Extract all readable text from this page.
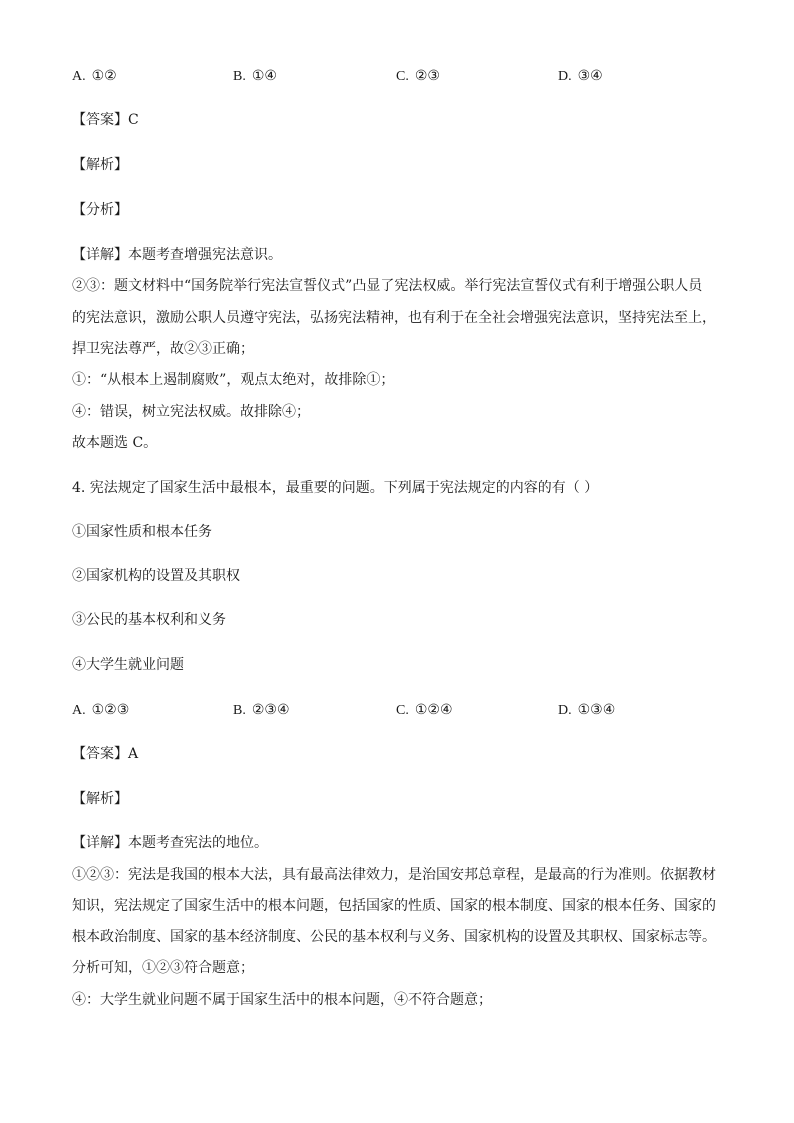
A. ①②	B. ①④	C. ②③	D. ③④
【答案】C
【解析】
【分析】
【详解】本题考查增强宪法意识。
②③：题文材料中“国务院举行宪法宣誓仪式”凸显了宪法权威。举行宪法宣誓仪式有利于增强公职人员
的宪法意识，激励公职人员遵守宪法，弘扬宪法精神，也有利于在全社会增强宪法意识，坚持宪法至上，
捍卫宪法尊严，故②③正确；
①：“从根本上遏制腐败”，观点太绝对，故排除①；
④：错误，树立宪法权威。故排除④；
故本题选 C。
4. 宪法规定了国家生活中最根本，最重要的问题。下列属于宪法规定的内容的有（ ）
①国家性质和根本任务
②国家机构的设置及其职权
③公民的基本权利和义务
④大学生就业问题
A. ①②③	B. ②③④	C. ①②④	D. ①③④
【答案】A
【解析】
【详解】本题考查宪法的地位。
①②③：宪法是我国的根本大法，具有最高法律效力，是治国安邦总章程，是最高的行为准则。依据教材
知识，宪法规定了国家生活中的根本问题，包括国家的性质、国家的根本制度、国家的根本任务、国家的
根本政治制度、国家的基本经济制度、公民的基本权利与义务、国家机构的设置及其职权、国家标志等。
分析可知，①②③符合题意；
④：大学生就业问题不属于国家生活中的根本问题，④不符合题意；
